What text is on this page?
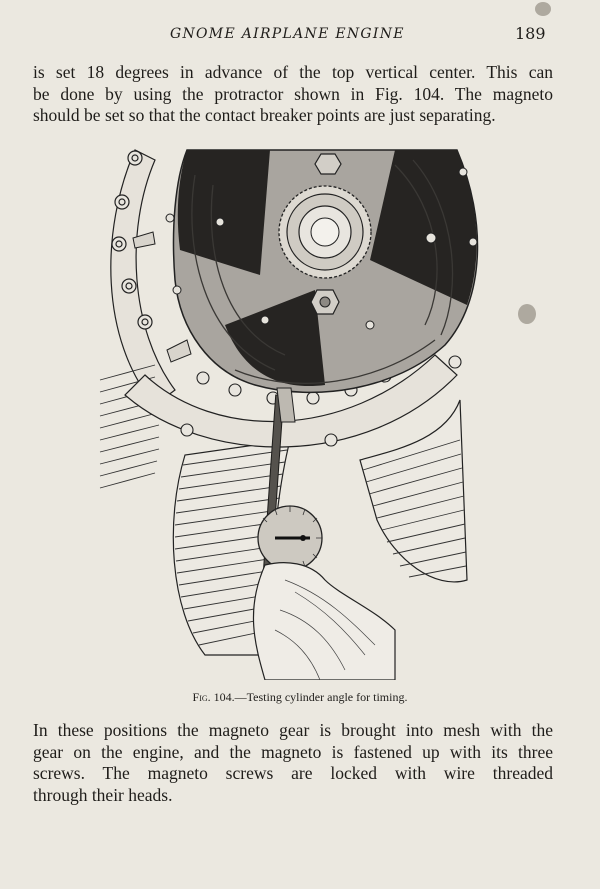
GNOME AIRPLANE ENGINE	189

is set 18 degrees in advance of the top vertical center. This can
be done by using the protractor shown in Fig. 104. The magneto
should be set so that the contact breaker points are just separating.

Fig. 104.—Testing cylinder angle for timing.

In these positions the magneto gear is brought into mesh with the
gear on the engine, and the magneto is fastened up with its three
screws. The magneto screws are locked with wire threaded
through their heads.
